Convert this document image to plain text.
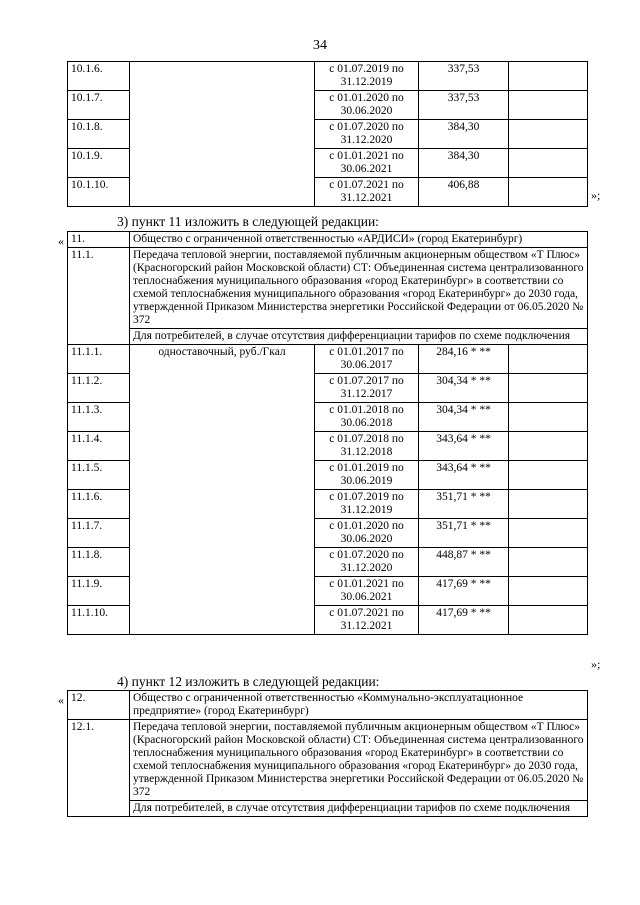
34
10.1.6.		с 01.07.2019 по 31.12.2019	337,53	
10.1.7.		с 01.01.2020 по 30.06.2020	337,53	
10.1.8.		с 01.07.2020 по 31.12.2020	384,30	
10.1.9.		с 01.01.2021 по 30.06.2021	384,30	
10.1.10.		с 01.07.2021 по 31.12.2021	406,88	
»;
3) пункт 11 изложить в следующей редакции:
« 11.	Общество с ограниченной ответственностью «АРДИСИ» (город Екатеринбург)			
11.1.	Передача тепловой энергии, поставляемой публичным акционерным обществом «Т Плюс» (Красногорский район Московской области) СТ: Объединенная система централизованного теплоснабжения муниципального образования «город Екатеринбург» в соответствии со схемой теплоснабжения муниципального образования «город Екатеринбург» до 2030 года, утвержденной Приказом Министерства энергетики Российской Федерации от 06.05.2020 № 372			
	Для потребителей, в случае отсутствия дифференциации тарифов по схеме подключения			
11.1.1.	одноставочный, руб./Гкал	с 01.01.2017 по 30.06.2017	284,16 * **	
11.1.2.		с 01.07.2017 по 31.12.2017	304,34 * **	
11.1.3.		с 01.01.2018 по 30.06.2018	304,34 * **	
11.1.4.		с 01.07.2018 по 31.12.2018	343,64 * **	
11.1.5.		с 01.01.2019 по 30.06.2019	343,64 * **	
11.1.6.		с 01.07.2019 по 31.12.2019	351,71 * **	
11.1.7.		с 01.01.2020 по 30.06.2020	351,71 * **	
11.1.8.		с 01.07.2020 по 31.12.2020	448,87 * **	
11.1.9.		с 01.01.2021 по 30.06.2021	417,69 * **	
11.1.10.		с 01.07.2021 по 31.12.2021	417,69 * **	
»;
4) пункт 12 изложить в следующей редакции:
« 12.	Общество с ограниченной ответственностью «Коммунально-эксплуатационное предприятие» (город Екатеринбург)
12.1.	Передача тепловой энергии, поставляемой публичным акционерным обществом «Т Плюс» (Красногорский район Московской области) СТ: Объединенная система централизованного теплоснабжения муниципального образования «город Екатеринбург» в соответствии со схемой теплоснабжения муниципального образования «город Екатеринбург» до 2030 года, утвержденной Приказом Министерства энергетики Российской Федерации от 06.05.2020 № 372
	Для потребителей, в случае отсутствия дифференциации тарифов по схеме подключения
